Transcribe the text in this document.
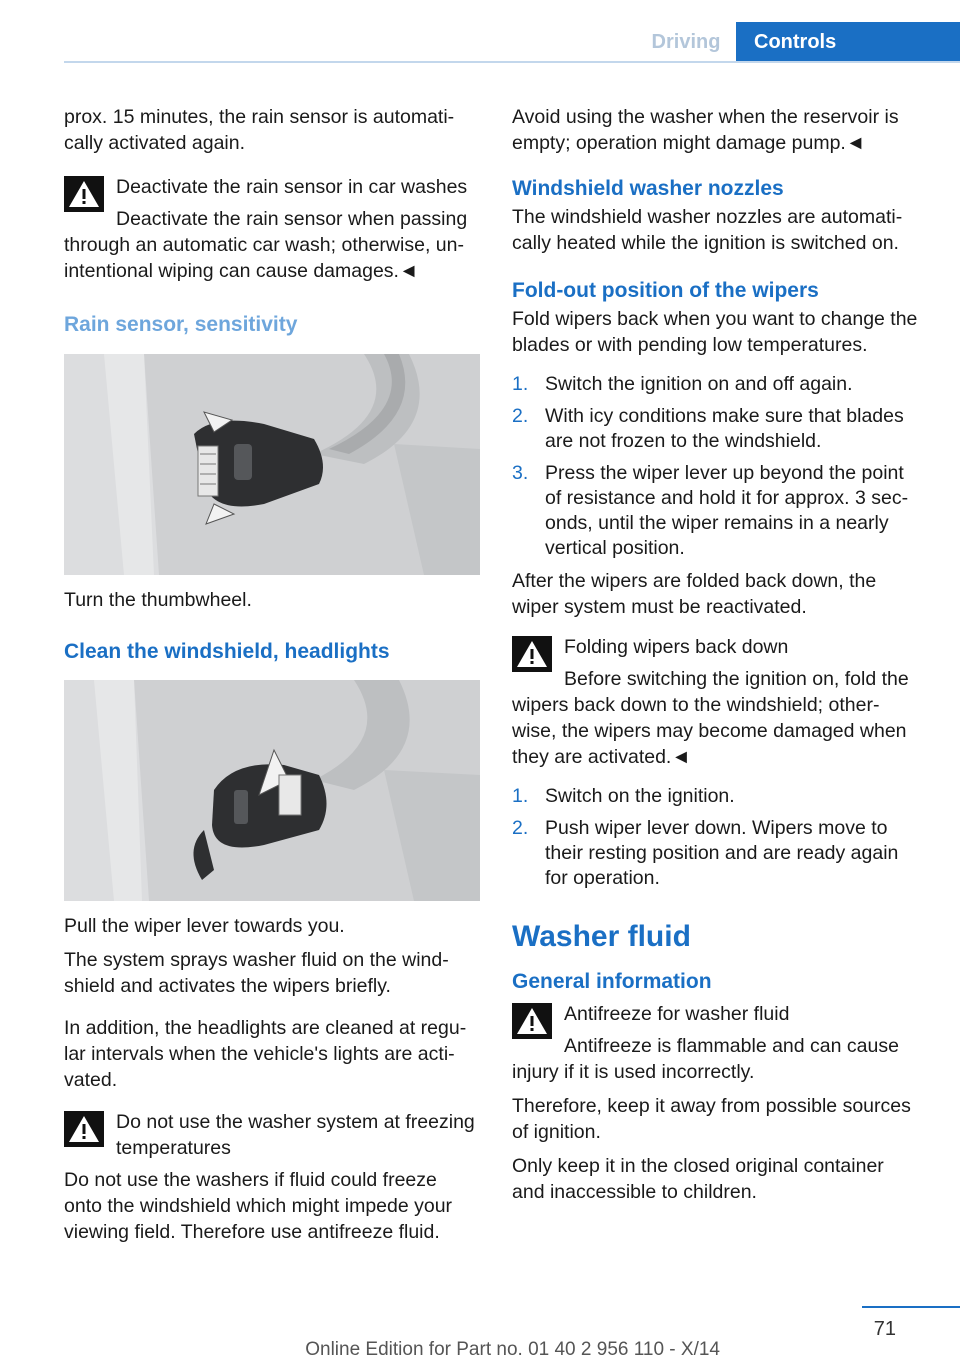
Driving	Controls

prox. 15 minutes, the rain sensor is automati‐
cally activated again.

Deactivate the rain sensor in car washes

Deactivate the rain sensor when passing

through an automatic car wash; otherwise, un‐
intentional wiping can cause damages.◄

Rain sensor, sensitivity

Turn the thumbwheel.

Clean the windshield, headlights

Pull the wiper lever towards you.

The system sprays washer fluid on the wind‐
shield and activates the wipers briefly.

In addition, the headlights are cleaned at regu‐
lar intervals when the vehicle's lights are acti‐
vated.

Do not use the washer system at freezing
temperatures

Do not use the washers if fluid could freeze
onto the windshield which might impede your
viewing field. Therefore use antifreeze fluid.

Avoid using the washer when the reservoir is
empty; operation might damage pump.◄

Windshield washer nozzles

The windshield washer nozzles are automati‐
cally heated while the ignition is switched on.

Fold-out position of the wipers

Fold wipers back when you want to change the
blades or with pending low temperatures.

1. Switch the ignition on and off again.
2. With icy conditions make sure that blades
are not frozen to the windshield.
3. Press the wiper lever up beyond the point
of resistance and hold it for approx. 3 sec‐
onds, until the wiper remains in a nearly
vertical position.

After the wipers are folded back down, the
wiper system must be reactivated.

Folding wipers back down

Before switching the ignition on, fold the

wipers back down to the windshield; other‐
wise, the wipers may become damaged when
they are activated.◄

1. Switch on the ignition.
2. Push wiper lever down. Wipers move to
their resting position and are ready again
for operation.
Washer fluid
General information

Antifreeze for washer fluid

Antifreeze is flammable and can cause

injury if it is used incorrectly.

Therefore, keep it away from possible sources
of ignition.

Only keep it in the closed original container
and inaccessible to children.

71
Online Edition for Part no. 01 40 2 956 110 - X/14
